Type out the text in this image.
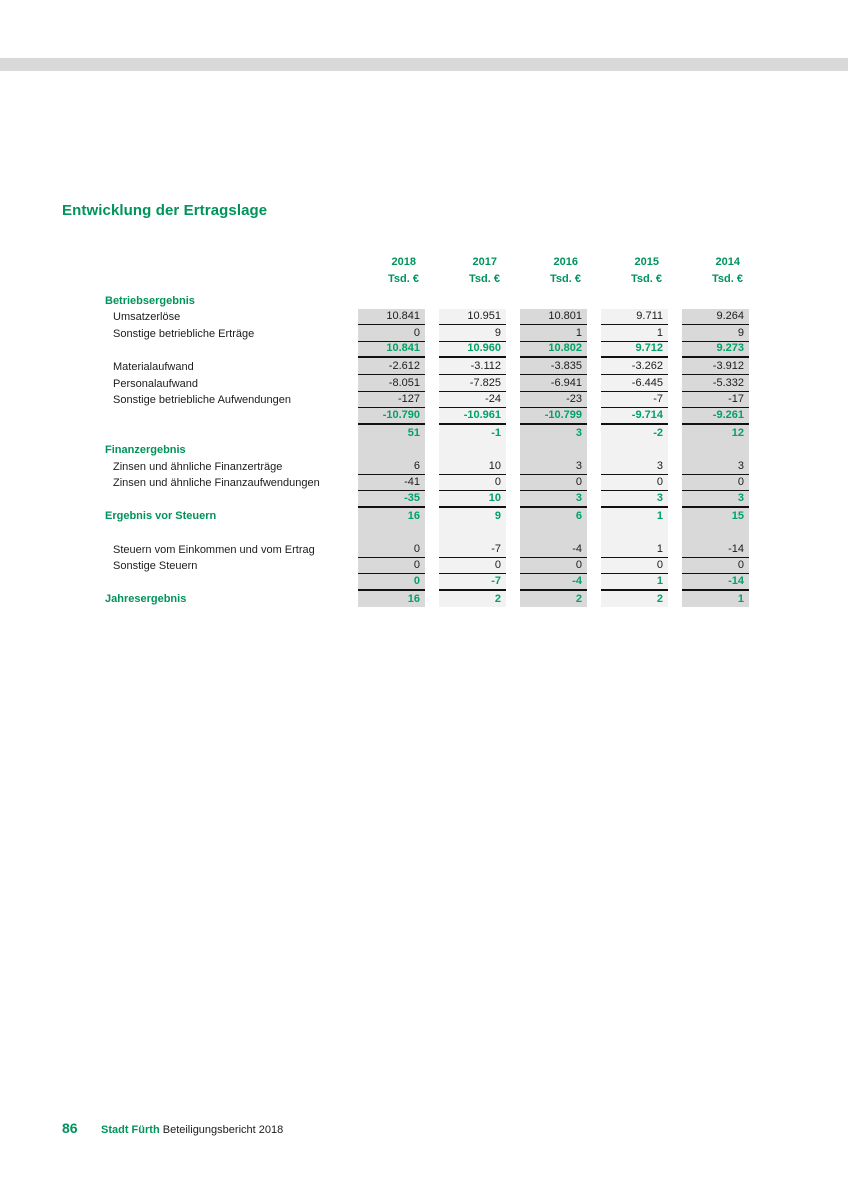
Entwicklung der Ertragslage
2018	2017	2016	2015	2014
Tsd. €	Tsd. €	Tsd. €	Tsd. €	Tsd. €
Betriebsergebnis
Umsatzerlöse	10.841	10.951	10.801	9.711	9.264
Sonstige betriebliche Erträge	0	9	1	1	9
10.841	10.960	10.802	9.712	9.273
Materialaufwand	-2.612	-3.112	-3.835	-3.262	-3.912
Personalaufwand	-8.051	-7.825	-6.941	-6.445	-5.332
Sonstige betriebliche Aufwendungen	-127	-24	-23	-7	-17
-10.790	-10.961	-10.799	-9.714	-9.261
51	-1	3	-2	12
Finanzergebnis
Zinsen und ähnliche Finanzerträge	6	10	3	3	3
Zinsen und ähnliche Finanzaufwendungen	-41	0	0	0	0
-35	10	3	3	3
Ergebnis vor Steuern	16	9	6	1	15
Steuern vom Einkommen und vom Ertrag	0	-7	-4	1	-14
Sonstige Steuern	0	0	0	0	0
0	-7	-4	1	-14
Jahresergebnis	16	2	2	2	1
86 Stadt Fürth Beteiligungsbericht 2018
